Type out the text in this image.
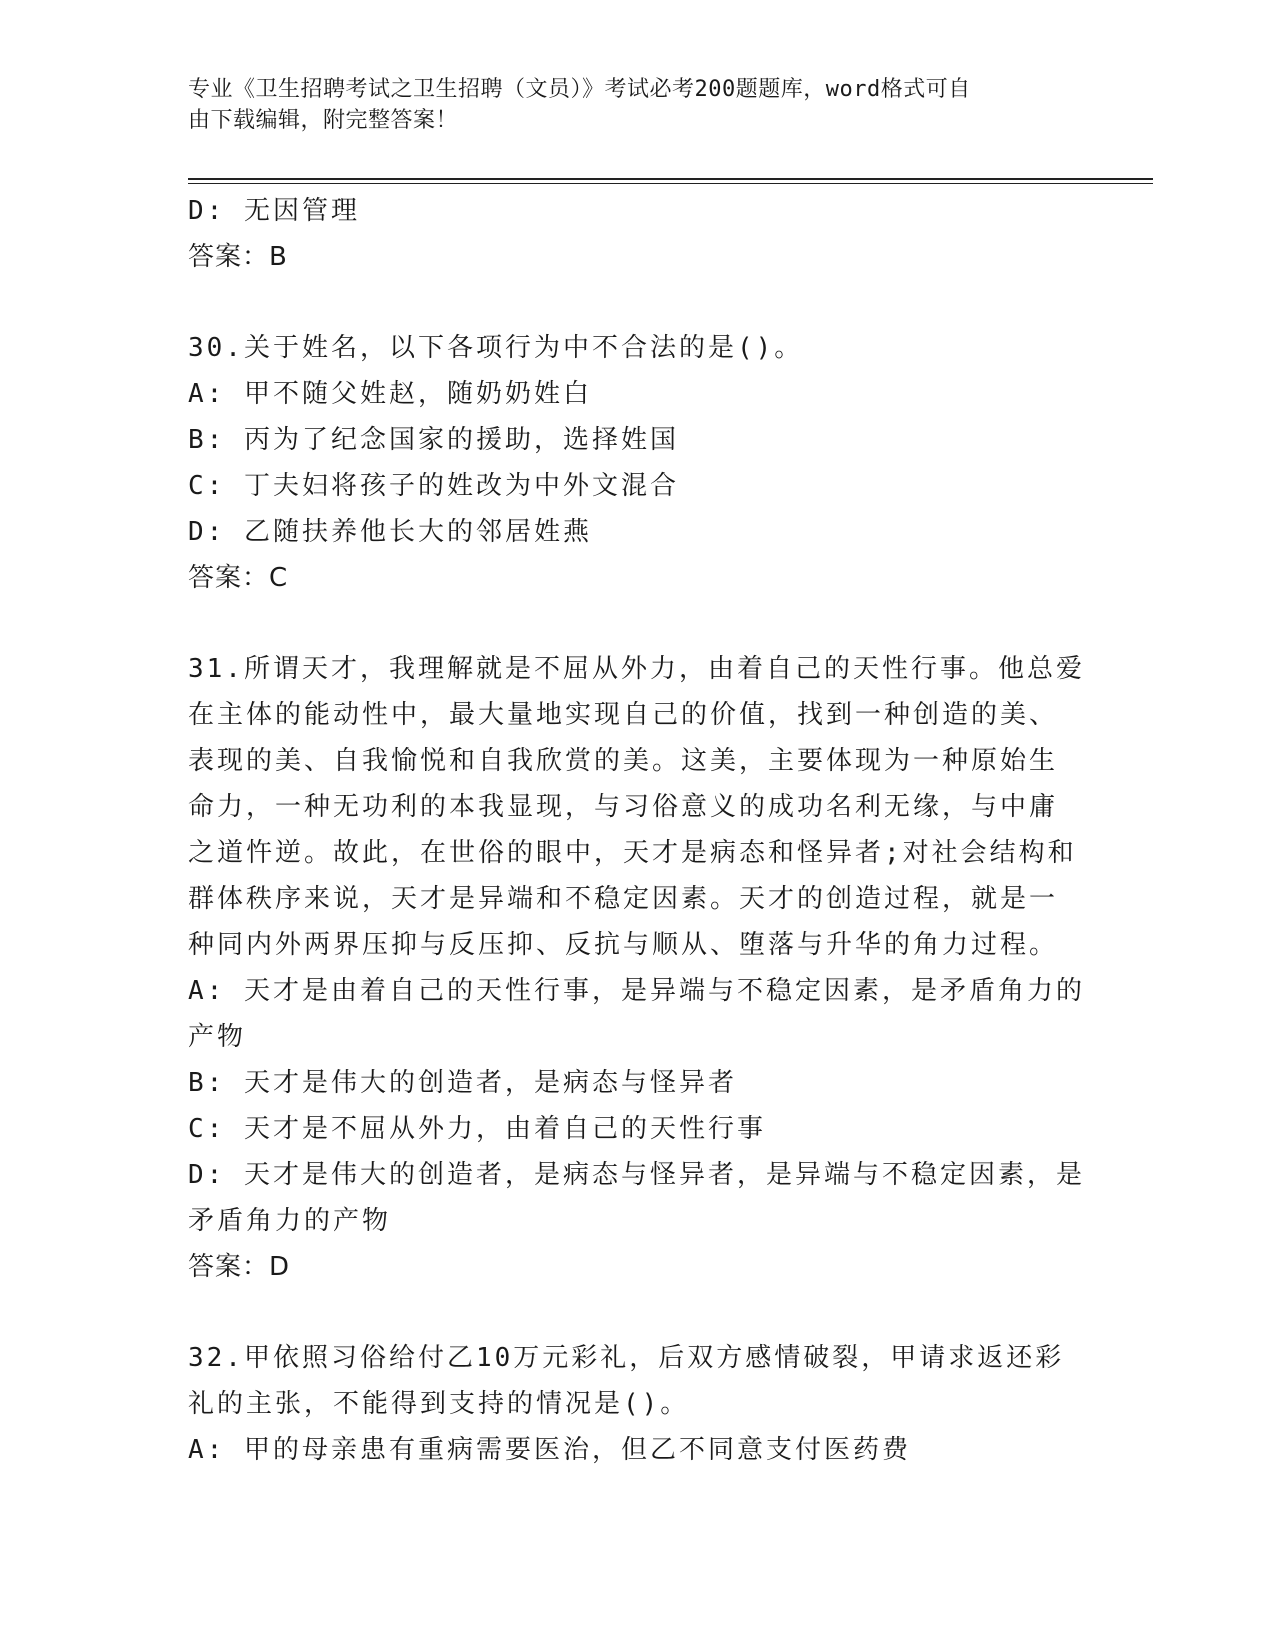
专业《卫生招聘考试之卫生招聘（文员）》考试必考200题题库，word格式可自
由下载编辑，附完整答案！
D: 无因管理
答案：B
30.关于姓名，以下各项行为中不合法的是()。
A: 甲不随父姓赵，随奶奶姓白
B: 丙为了纪念国家的援助，选择姓国
C: 丁夫妇将孩子的姓改为中外文混合
D: 乙随扶养他长大的邻居姓燕
答案：C
31.所谓天才，我理解就是不屈从外力，由着自己的天性行事。他总爱
在主体的能动性中，最大量地实现自己的价值，找到一种创造的美、
表现的美、自我愉悦和自我欣赏的美。这美，主要体现为一种原始生
命力，一种无功利的本我显现，与习俗意义的成功名利无缘，与中庸
之道忤逆。故此，在世俗的眼中，天才是病态和怪异者;对社会结构和
群体秩序来说，天才是异端和不稳定因素。天才的创造过程，就是一
种同内外两界压抑与反压抑、反抗与顺从、堕落与升华的角力过程。
A: 天才是由着自己的天性行事，是异端与不稳定因素，是矛盾角力的
产物
B: 天才是伟大的创造者，是病态与怪异者
C: 天才是不屈从外力，由着自己的天性行事
D: 天才是伟大的创造者，是病态与怪异者，是异端与不稳定因素，是
矛盾角力的产物
答案：D
32.甲依照习俗给付乙10万元彩礼，后双方感情破裂，甲请求返还彩
礼的主张，不能得到支持的情况是()。
A: 甲的母亲患有重病需要医治，但乙不同意支付医药费
